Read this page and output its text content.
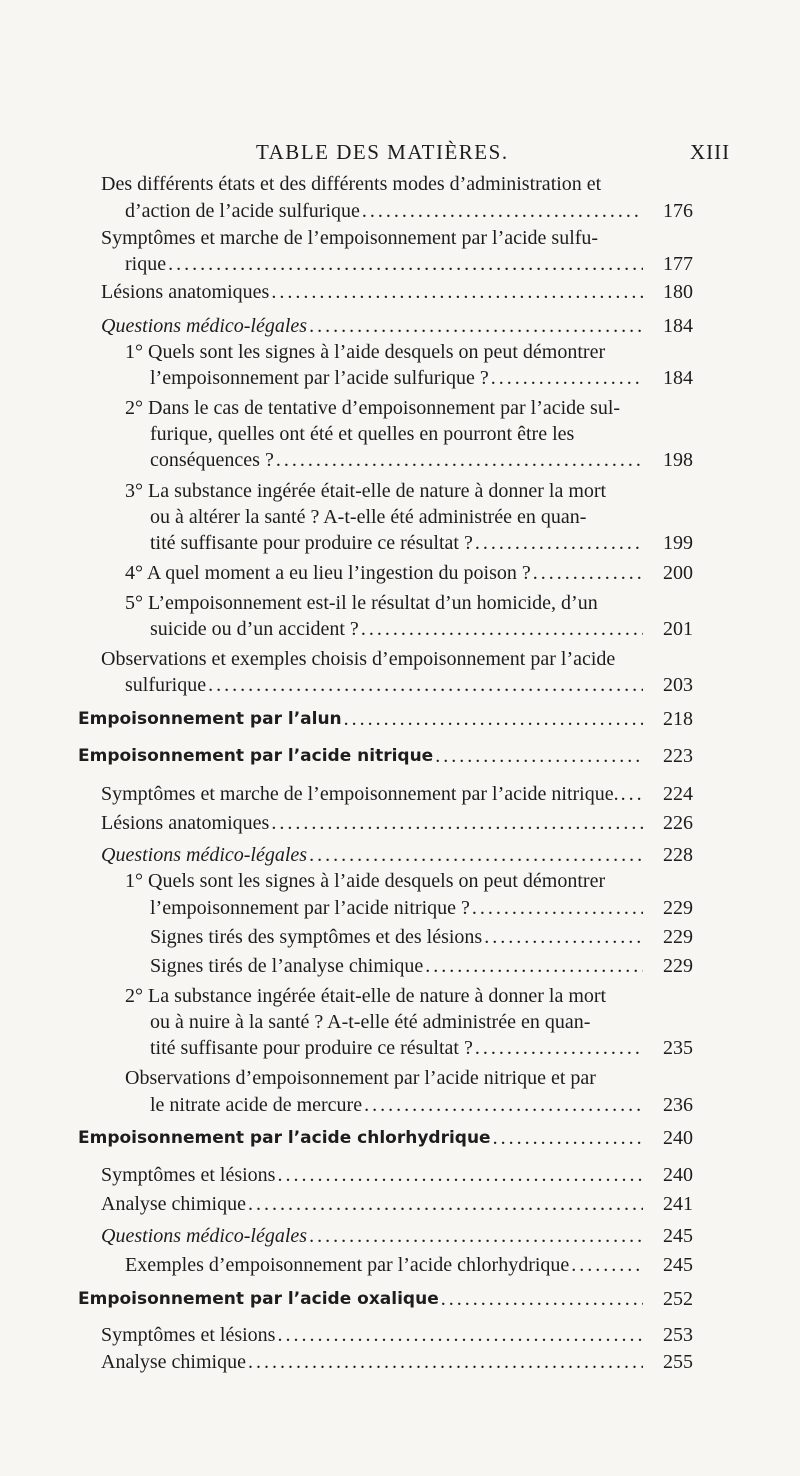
TABLE DES MATIÈRES.	XIII
Des différents états et des différents modes d’administration et
d’action de l’acide sulfurique .....	176
Symptômes et marche de l’empoisonnement par l’acide sulfu-
rique .....	177
Lésions anatomiques .....	180
Questions médico-légales .....	184
1° Quels sont les signes à l’aide desquels on peut démontrer
l’empoisonnement par l’acide sulfurique ? .....	184
2° Dans le cas de tentative d’empoisonnement par l’acide sul-
furique, quelles ont été et quelles en pourront être les
conséquences ? .....	198
3° La substance ingérée était-elle de nature à donner la mort
ou à altérer la santé ? A-t-elle été administrée en quan-
tité suffisante pour produire ce résultat ? .....	199
4° A quel moment a eu lieu l’ingestion du poison ? .....	200
5° L’empoisonnement est-il le résultat d’un homicide, d’un
suicide ou d’un accident ? .....	201
Observations et exemples choisis d’empoisonnement par l’acide
sulfurique .....	203
Empoisonnement par l’alun .....	218
Empoisonnement par l’acide nitrique .....	223
Symptômes et marche de l’empoisonnement par l’acide nitrique. .....	224
Lésions anatomiques .....	226
Questions médico-légales .....	228
1° Quels sont les signes à l’aide desquels on peut démontrer
l’empoisonnement par l’acide nitrique ? .....	229
Signes tirés des symptômes et des lésions .....	229
Signes tirés de l’analyse chimique .....	229
2° La substance ingérée était-elle de nature à donner la mort
ou à nuire à la santé ? A-t-elle été administrée en quan-
tité suffisante pour produire ce résultat ? .....	235
Observations d’empoisonnement par l’acide nitrique et par
le nitrate acide de mercure .....	236
Empoisonnement par l’acide chlorhydrique .....	240
Symptômes et lésions .....	240
Analyse chimique .....	241
Questions médico-légales .....	245
Exemples d’empoisonnement par l’acide chlorhydrique .....	245
Empoisonnement par l’acide oxalique .....	252
Symptômes et lésions .....	253
Analyse chimique .....	255
